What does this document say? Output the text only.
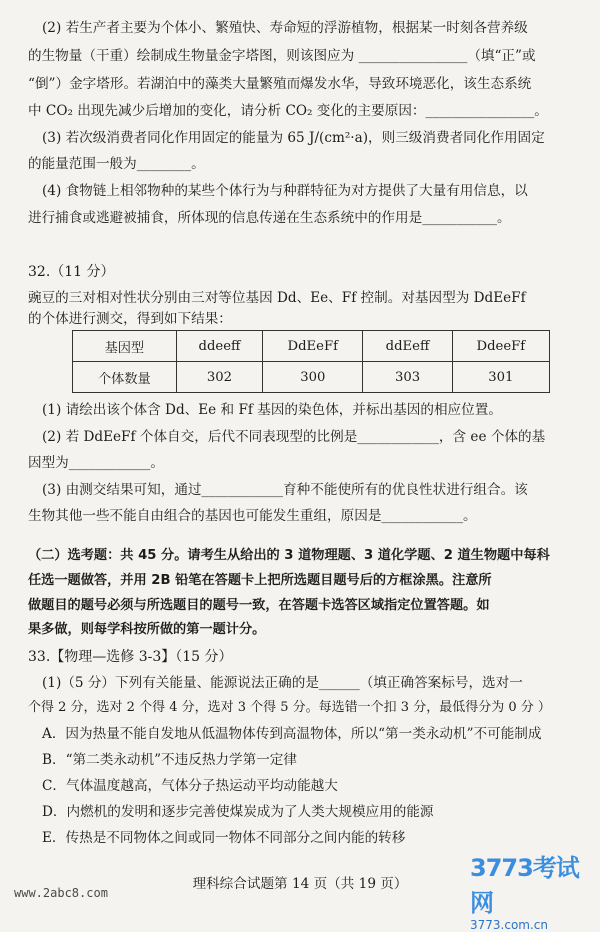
(2) 若生产者主要为个体小、繁殖快、寿命短的浮游植物，根据某一时刻各营养级
的生物量（干重）绘制成生物量金字塔图，则该图应为 ________________（填“正”或
“倒”）金字塔形。若湖泊中的藻类大量繁殖而爆发水华，导致环境恶化，该生态系统
中 CO₂ 出现先减少后增加的变化，请分析 CO₂ 变化的主要原因：________________。
(3) 若次级消费者同化作用固定的能量为 65 J/(cm²·a)，则三级消费者同化作用固定
的能量范围一般为________。
(4) 食物链上相邻物种的某些个体行为与种群特征为对方提供了大量有用信息，以
进行捕食或逃避被捕食，所体现的信息传递在生态系统中的作用是___________。
32.（11 分）
豌豆的三对相对性状分别由三对等位基因 Dd、Ee、Ff 控制。对基因型为 DdEeFf
的个体进行测交，得到如下结果：
基因型	ddeeff	DdEeFf	ddEeff	DdeeFf
个体数量	302	300	303	301
(1) 请绘出该个体含 Dd、Ee 和 Ff 基因的染色体，并标出基因的相应位置。
(2) 若 DdEeFf 个体自交，后代不同表现型的比例是____________，含 ee 个体的基
因型为____________。
(3) 由测交结果可知，通过____________育种不能使所有的优良性状进行组合。该
生物其他一些不能自由组合的基因也可能发生重组，原因是____________。
（二）选考题：共 45 分。请考生从给出的 3 道物理题、3 道化学题、2 道生物题中每科
任选一题做答，并用 2B 铅笔在答题卡上把所选题目题号后的方框涂黑。注意所
做题目的题号必须与所选题目的题号一致，在答题卡选答区域指定位置答题。如
果多做，则每学科按所做的第一题计分。
33.【物理—选修 3-3】（15 分）
(1)（5 分）下列有关能量、能源说法正确的是______（填正确答案标号，选对一
个得 2 分，选对 2 个得 4 分，选对 3 个得 5 分。每选错一个扣 3 分，最低得分为 0 分 ）
A．因为热量不能自发地从低温物体传到高温物体，所以“第一类永动机”不可能制成
B．“第二类永动机”不违反热力学第一定律
C．气体温度越高，气体分子热运动平均动能越大
D．内燃机的发明和逐步完善使煤炭成为了人类大规模应用的能源
E．传热是不同物体之间或同一物体不同部分之间内能的转移
理科综合试题第 14 页（共 19 页）
www.2abc8.com
3773考试网
3773.com.cn
